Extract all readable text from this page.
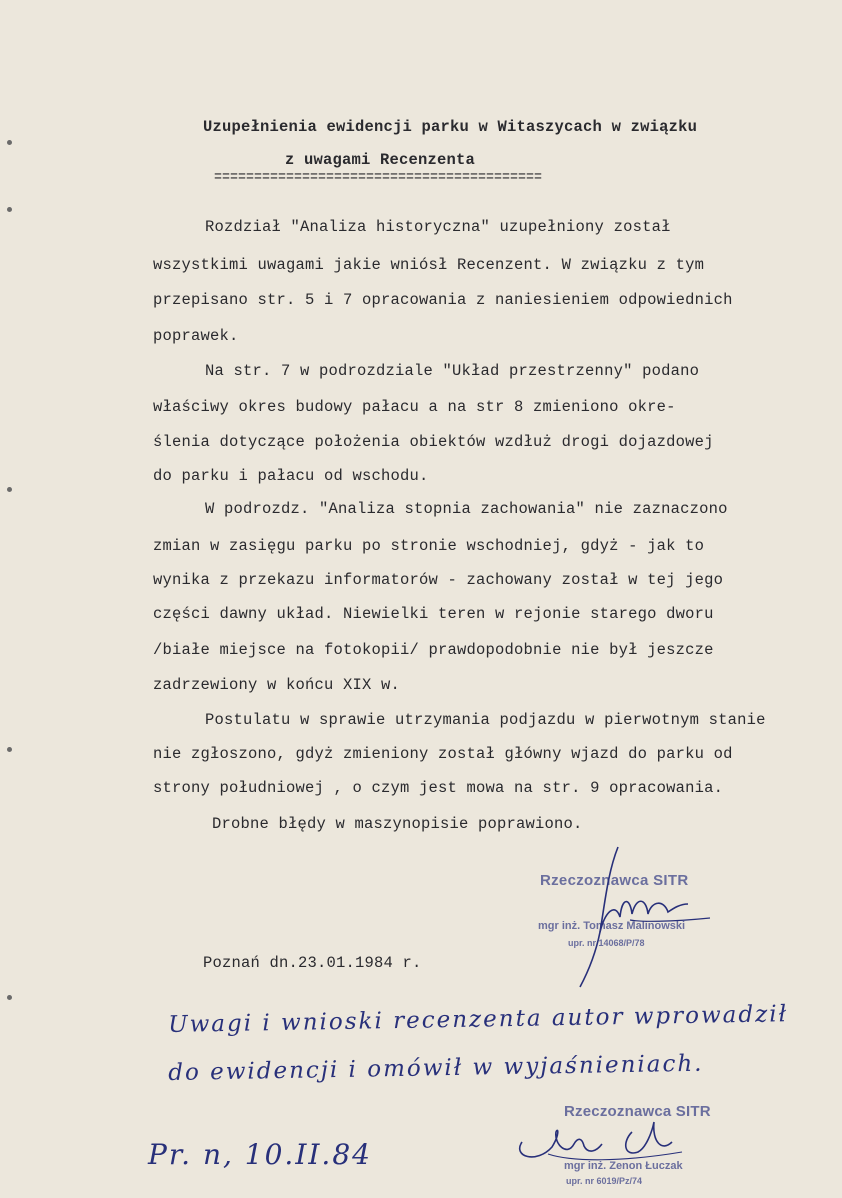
Uzupełnienia ewidencji parku w Witaszycach w związku
z uwagami Recenzenta
=========================================
Rozdział "Analiza historyczna" uzupełniony został
wszystkimi uwagami jakie wniósł Recenzent. W związku z tym
przepisano str. 5 i 7 opracowania z naniesieniem odpowiednich
poprawek.
Na str. 7 w podrozdziale "Układ przestrzenny" podano
właściwy okres budowy pałacu a na str 8 zmieniono okre-
ślenia dotyczące położenia obiektów wzdłuż drogi dojazdowej
do parku i pałacu od wschodu.
W podrozdz. "Analiza stopnia zachowania" nie zaznaczono
zmian w zasięgu parku po stronie wschodniej, gdyż - jak to
wynika z przekazu informatorów - zachowany został w tej jego
części dawny układ. Niewielki teren w rejonie starego dworu
/białe miejsce na fotokopii/ prawdopodobnie nie był jeszcze
zadrzewiony w końcu XIX w.
Postulatu w sprawie utrzymania podjazdu w pierwotnym stanie
nie zgłoszono, gdyż zmieniony został główny wjazd do parku od
strony południowej , o czym jest mowa na str. 9 opracowania.
Drobne błędy w maszynopisie poprawiono.
Rzeczoznawca SITR
mgr inż. Tomasz Malinowski
upr. nr 14068/P/78
Poznań dn.23.01.1984 r.
Uwagi i wnioski recenzenta autor wprowadził
do ewidencji i omówił w wyjaśnieniach.
Rzeczoznawca SITR
mgr inż. Zenon Łuczak
upr. nr 6019/Pz/74
Pr. n, 10.II.84
